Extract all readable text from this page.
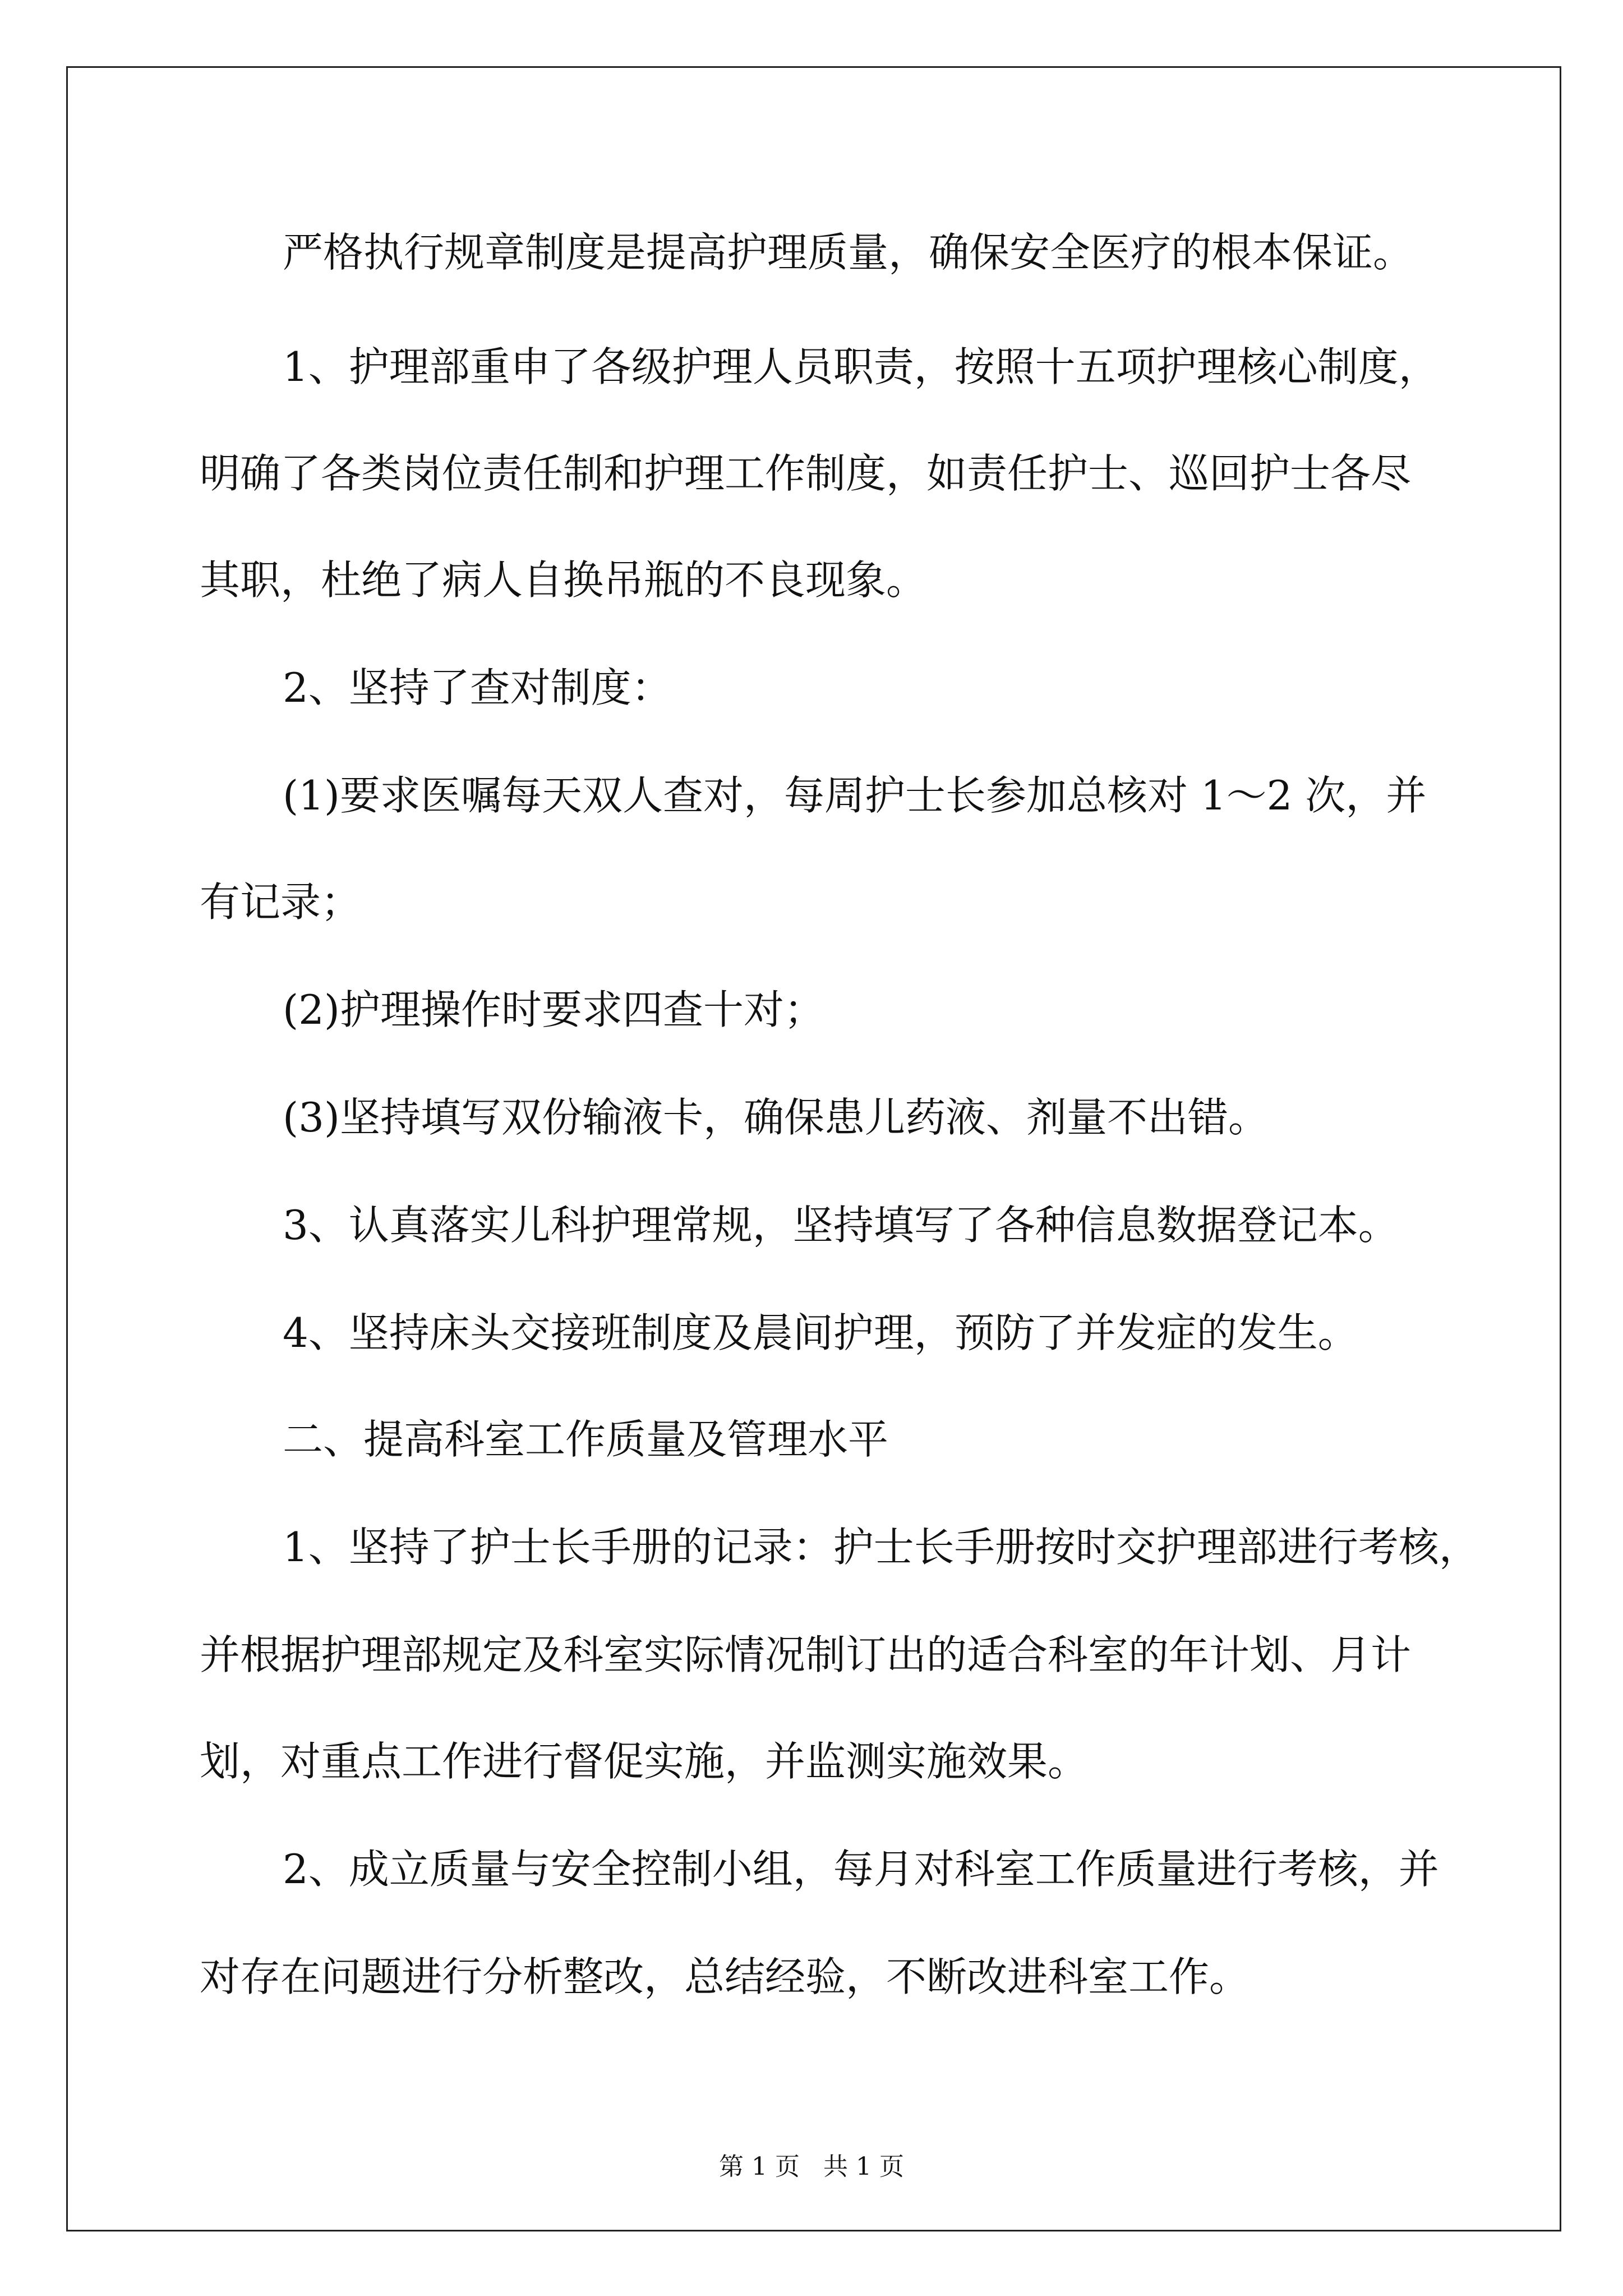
严格执行规章制度是提高护理质量，确保安全医疗的根本保证。
1、护理部重申了各级护理人员职责，按照十五项护理核心制度，
明确了各类岗位责任制和护理工作制度，如责任护士、巡回护士各尽
其职，杜绝了病人自换吊瓶的不良现象。
2、坚持了查对制度：
(1)要求医嘱每天双人查对，每周护士长参加总核对 1～2 次，并
有记录；
(2)护理操作时要求四查十对；
(3)坚持填写双份输液卡，确保患儿药液、剂量不出错。
3、认真落实儿科护理常规，坚持填写了各种信息数据登记本。
4、坚持床头交接班制度及晨间护理，预防了并发症的发生。
二、提高科室工作质量及管理水平
1、坚持了护士长手册的记录：护士长手册按时交护理部进行考核，
并根据护理部规定及科室实际情况制订出的适合科室的年计划、月计
划，对重点工作进行督促实施，并监测实施效果。
2、成立质量与安全控制小组，每月对科室工作质量进行考核，并
对存在问题进行分析整改，总结经验，不断改进科室工作。
第 1 页 共 1 页
